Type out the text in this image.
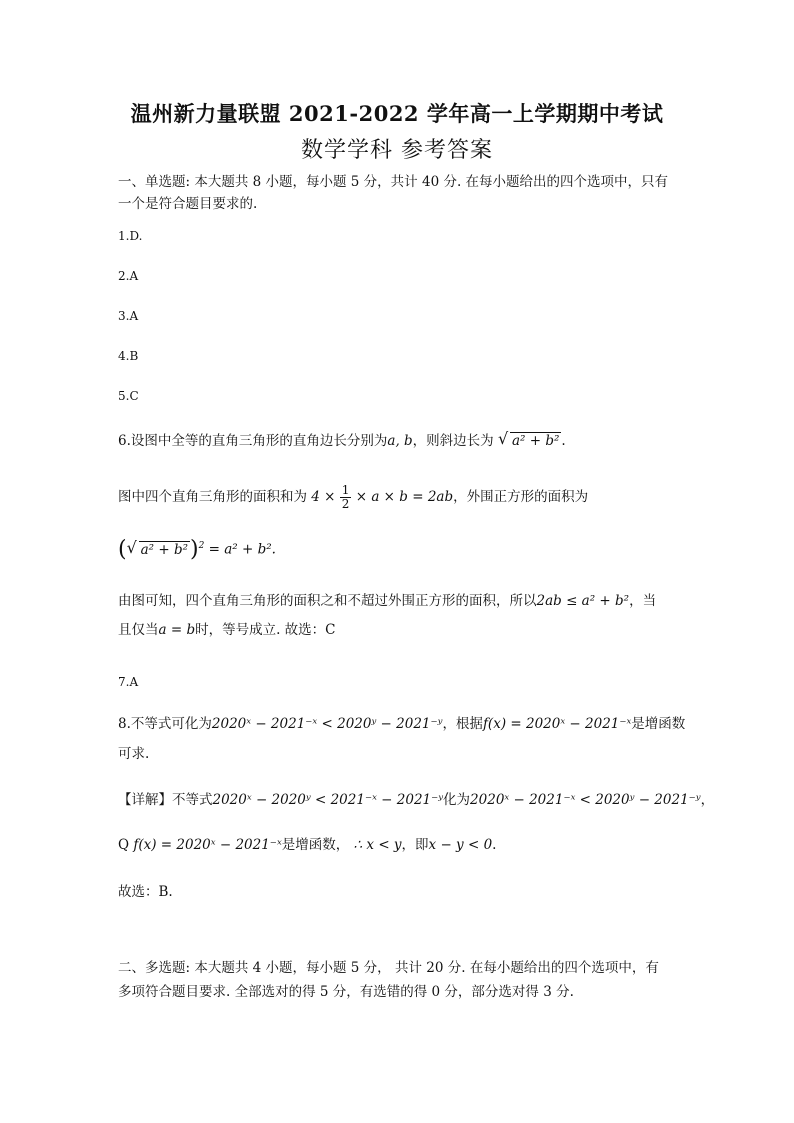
温州新力量联盟 2021-2022 学年高一上学期期中考试
数学学科 参考答案
一、单选题: 本大题共 8 小题，每小题 5 分，共计 40 分. 在每小题给出的四个选项中，只有
一个是符合题目要求的.
1.D.
2.A
3.A
4.B
5.C
6.设图中全等的直角三角形的直角边长分别为a, b，则斜边长为 √ a² + b² .
图中四个直角三角形的面积和为 $4 \times \frac{1}{2} \times a \times b = 2ab$，外围正方形的面积为
( √ a² + b²)$^2$ = a² + b².
由图可知，四个直角三角形的面积之和不超过外围正方形的面积，所以2ab ≤ a² + b²，当
且仅当a = b时，等号成立. 故选：C
7.A
8.不等式可化为2020ˣ − 2021⁻ˣ < 2020ʸ − 2021⁻ʸ，根据f(x) = 2020ˣ − 2021⁻ˣ是增函数
可求.
【详解】不等式2020ˣ − 2020ʸ < 2021⁻ˣ − 2021⁻ʸ化为2020ˣ − 2021⁻ˣ < 2020ʸ − 2021⁻ʸ，
Q f(x) = 2020ˣ − 2021⁻ˣ是增函数， ∴ x < y，即x − y < 0.
故选：B.
二、多选题: 本大题共 4 小题，每小题 5 分， 共计 20 分. 在每小题给出的四个选项中，有
多项符合题目要求. 全部选对的得 5 分，有选错的得 0 分，部分选对得 3 分.
